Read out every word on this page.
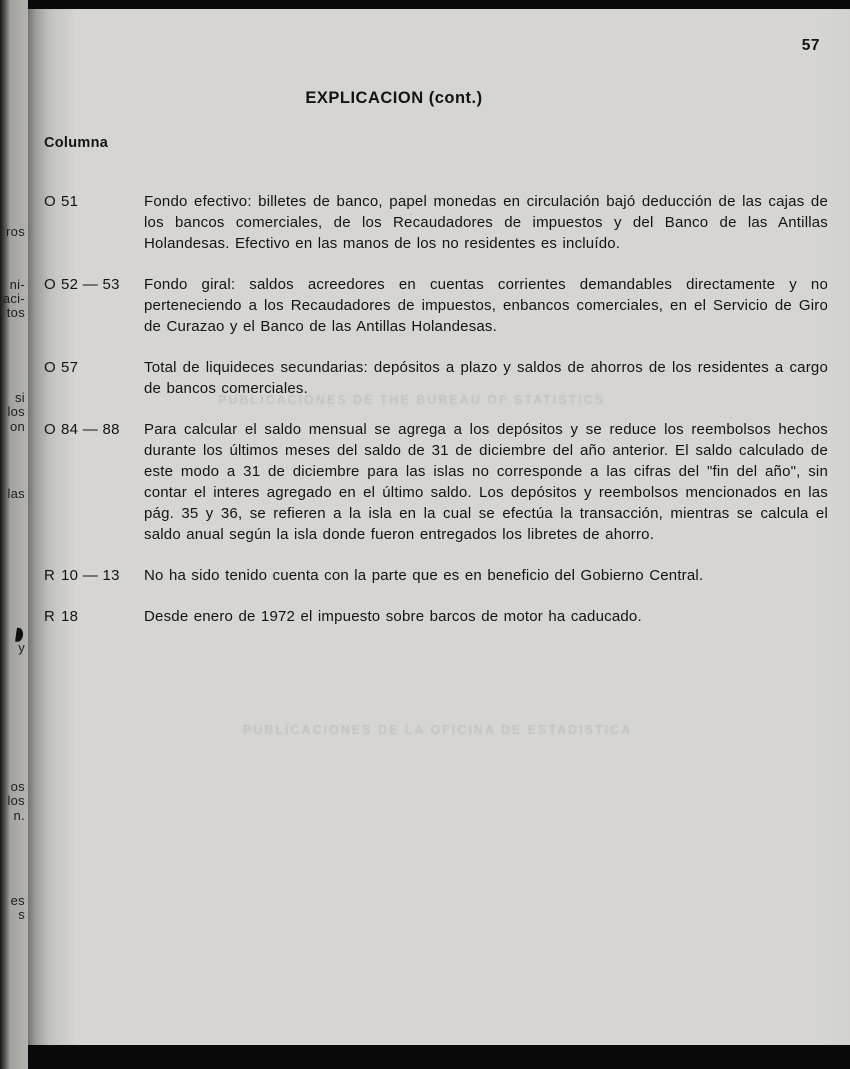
ros
ni-
aci-
tos
si
los
on
las
y
os
los
n.
es
s
57
EXPLICACION (cont.)
Columna
O 51	Fondo efectivo: billetes de banco, papel monedas en circulación bajó deducción de las cajas de los bancos comerciales, de los Recaudadores de impuestos y del Banco de las Antillas Holandesas. Efectivo en las manos de los no residentes es incluído.

O 52 — 53	Fondo giral: saldos acreedores en cuentas corrientes demandables directamente y no perteneciendo a los Recaudadores de impuestos, enbancos comerciales, en el Servicio de Giro de Curazao y el Banco de las Antillas Holandesas.

O 57	Total de liquideces secundarias: depósitos a plazo y saldos de ahorros de los residentes a cargo de bancos comerciales.

O 84 — 88	Para calcular el saldo mensual se agrega a los depósitos y se reduce los reembolsos hechos durante los últimos meses del saldo de 31 de diciembre del año anterior. El saldo calculado de este modo a 31 de diciembre para las islas no corresponde a las cifras del "fin del año", sin contar el interes agregado en el último saldo. Los depósitos y reembolsos mencionados en las pág. 35 y 36, se refieren a la isla en la cual se efectúa la transacción, mientras se calcula el saldo anual según la isla donde fueron entregados los libretes de ahorro.

R 10 — 13	No ha sido tenido cuenta con la parte que es en beneficio del Gobierno Central.

R 18	Desde enero de 1972 el impuesto sobre barcos de motor ha caducado.

PUBLICACIONES DE THE BUREAU OF STATISTICS
PUBLICACIONES DE LA OFICINA DE ESTADISTICA
